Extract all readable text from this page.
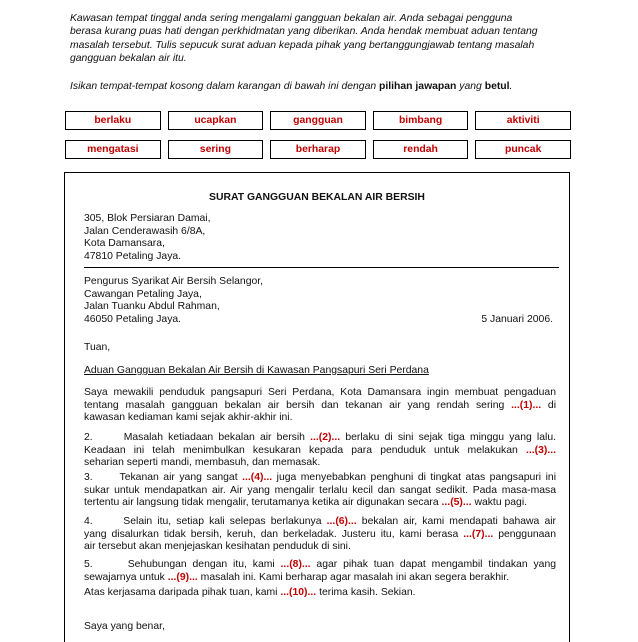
Kawasan tempat tinggal anda sering mengalami gangguan bekalan air. Anda sebagai pengguna
berasa kurang puas hati dengan perkhidmatan yang diberikan. Anda hendak membuat aduan tentang
masalah tersebut. Tulis sepucuk surat aduan kepada pihak yang bertanggungjawab tentang masalah
gangguan bekalan air itu.
Isikan tempat-tempat kosong dalam karangan di bawah ini dengan pilihan jawapan yang betul.
berlaku	ucapkan	gangguan	bimbang	aktiviti
mengatasi	sering	berharap	rendah	puncak
SURAT GANGGUAN BEKALAN AIR BERSIH
305, Blok Persiaran Damai,
Jalan Cenderawasih 6/8A,
Kota Damansara,
47810 Petaling Jaya.
Pengurus Syarikat Air Bersih Selangor,
Cawangan Petaling Jaya,
Jalan Tuanku Abdul Rahman,
46050 Petaling Jaya.	5 Januari 2006.
Tuan,
Aduan Gangguan Bekalan Air Bersih di Kawasan Pangsapuri Seri Perdana
Saya mewakili penduduk pangsapuri Seri Perdana, Kota Damansara ingin membuat pengaduan
tentang masalah gangguan bekalan air bersih dan tekanan air yang rendah sering ...(1)... di
kawasan kediaman kami sejak akhir-akhir ini.
2.      Masalah ketiadaan bekalan air bersih ...(2)... berlaku di sini sejak tiga minggu yang lalu.
Keadaan ini telah menimbulkan kesukaran kepada para penduduk untuk melakukan ...(3)...
seharian seperti mandi, membasuh, dan memasak.
3.      Tekanan air yang sangat ...(4)... juga menyebabkan penghuni di tingkat atas pangsapuri ini
sukar untuk mendapatkan air. Air yang mengalir terlalu kecil dan sangat sedikit. Pada masa-masa
tertentu air langsung tidak mengalir, terutamanya ketika air digunakan secara ...(5)... waktu pagi.
4.      Selain itu, setiap kali selepas berlakunya ...(6)... bekalan air, kami mendapati bahawa air
yang disalurkan tidak bersih, keruh, dan berkeladak. Justeru itu, kami berasa ...(7)... penggunaan
air tersebut akan menjejaskan kesihatan penduduk di sini.
5.      Sehubungan dengan itu, kami ...(8)... agar pihak tuan dapat mengambil tindakan yang
sewajarnya untuk ...(9)... masalah ini. Kami berharap agar masalah ini akan segera berakhir.
Atas kerjasama daripada pihak tuan, kami ...(10)... terima kasih. Sekian.
Saya yang benar,
